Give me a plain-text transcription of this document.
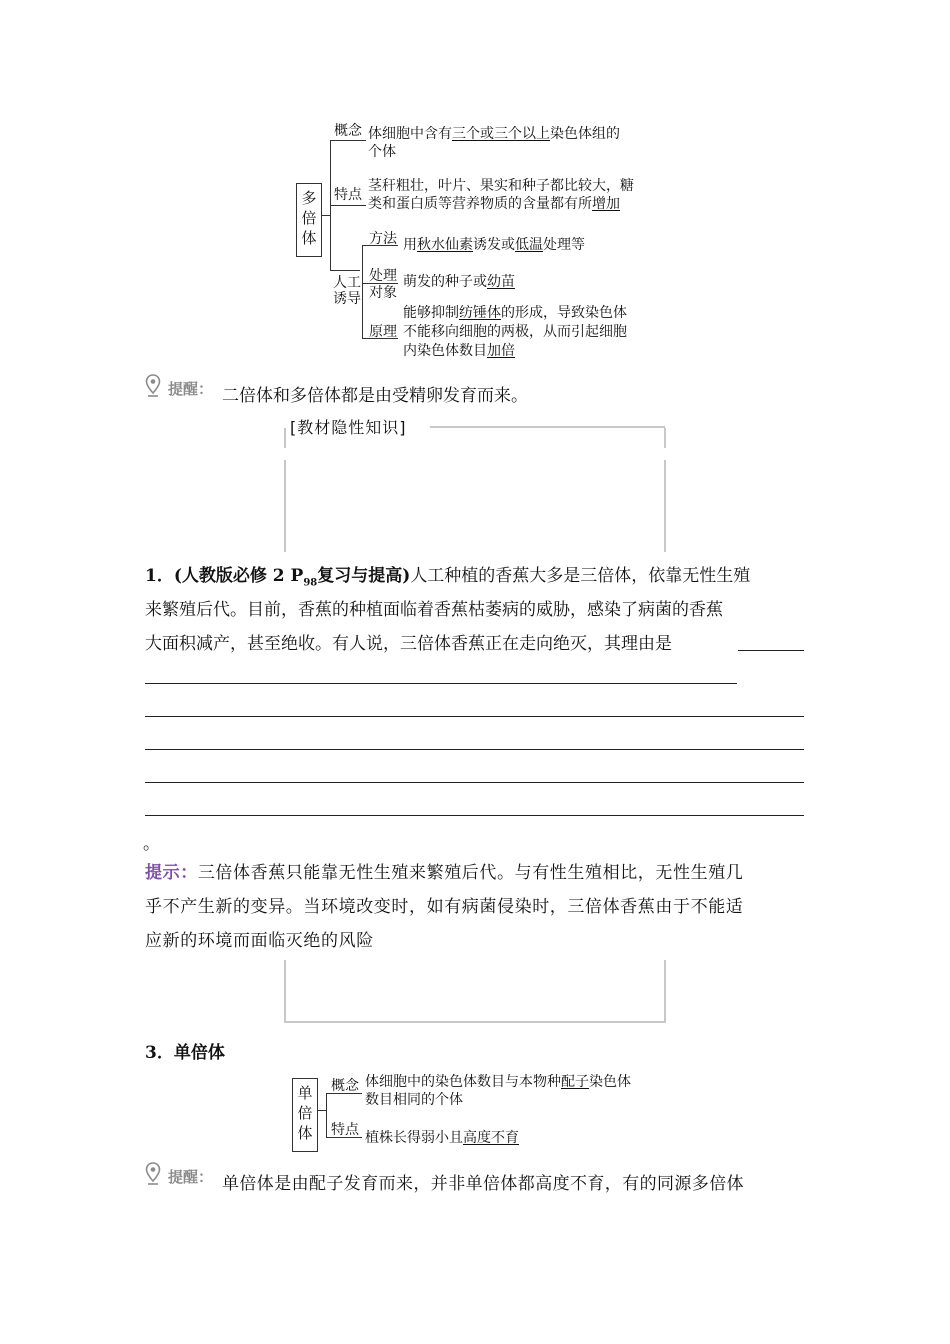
多倍体
概念 体细胞中含有三个或三个以上染色体组的
个体
特点
茎秆粗壮，叶片、果实和种子都比较大，糖
类和蛋白质等营养物质的含量都有所增加
人工
诱导
方法 用秋水仙素诱发或低温处理等
处理
对象
萌发的种子或幼苗
原理
能够抑制纺锤体的形成，导致染色体
不能移向细胞的两极，从而引起细胞
内染色体数目加倍
提醒： 二倍体和多倍体都是由受精卵发育而来。
[教材隐性知识]
1．(人教版必修 2 $P_{98}$复习与提高)人工种植的香蕉大多是三倍体，依靠无性生殖
来繁殖后代。目前，香蕉的种植面临着香蕉枯萎病的威胁，感染了病菌的香蕉
大面积减产，甚至绝收。有人说，三倍体香蕉正在走向绝灭，其理由是
。
提示：三倍体香蕉只能靠无性生殖来繁殖后代。与有性生殖相比，无性生殖几
乎不产生新的变异。当环境改变时，如有病菌侵染时，三倍体香蕉由于不能适
应新的环境而面临灭绝的风险
3．单倍体
单倍体
概念 体细胞中的染色体数目与本物种配子染色体
数目相同的个体
特点 植株长得弱小且高度不育
提醒： 单倍体是由配子发育而来，并非单倍体都高度不育，有的同源多倍体
